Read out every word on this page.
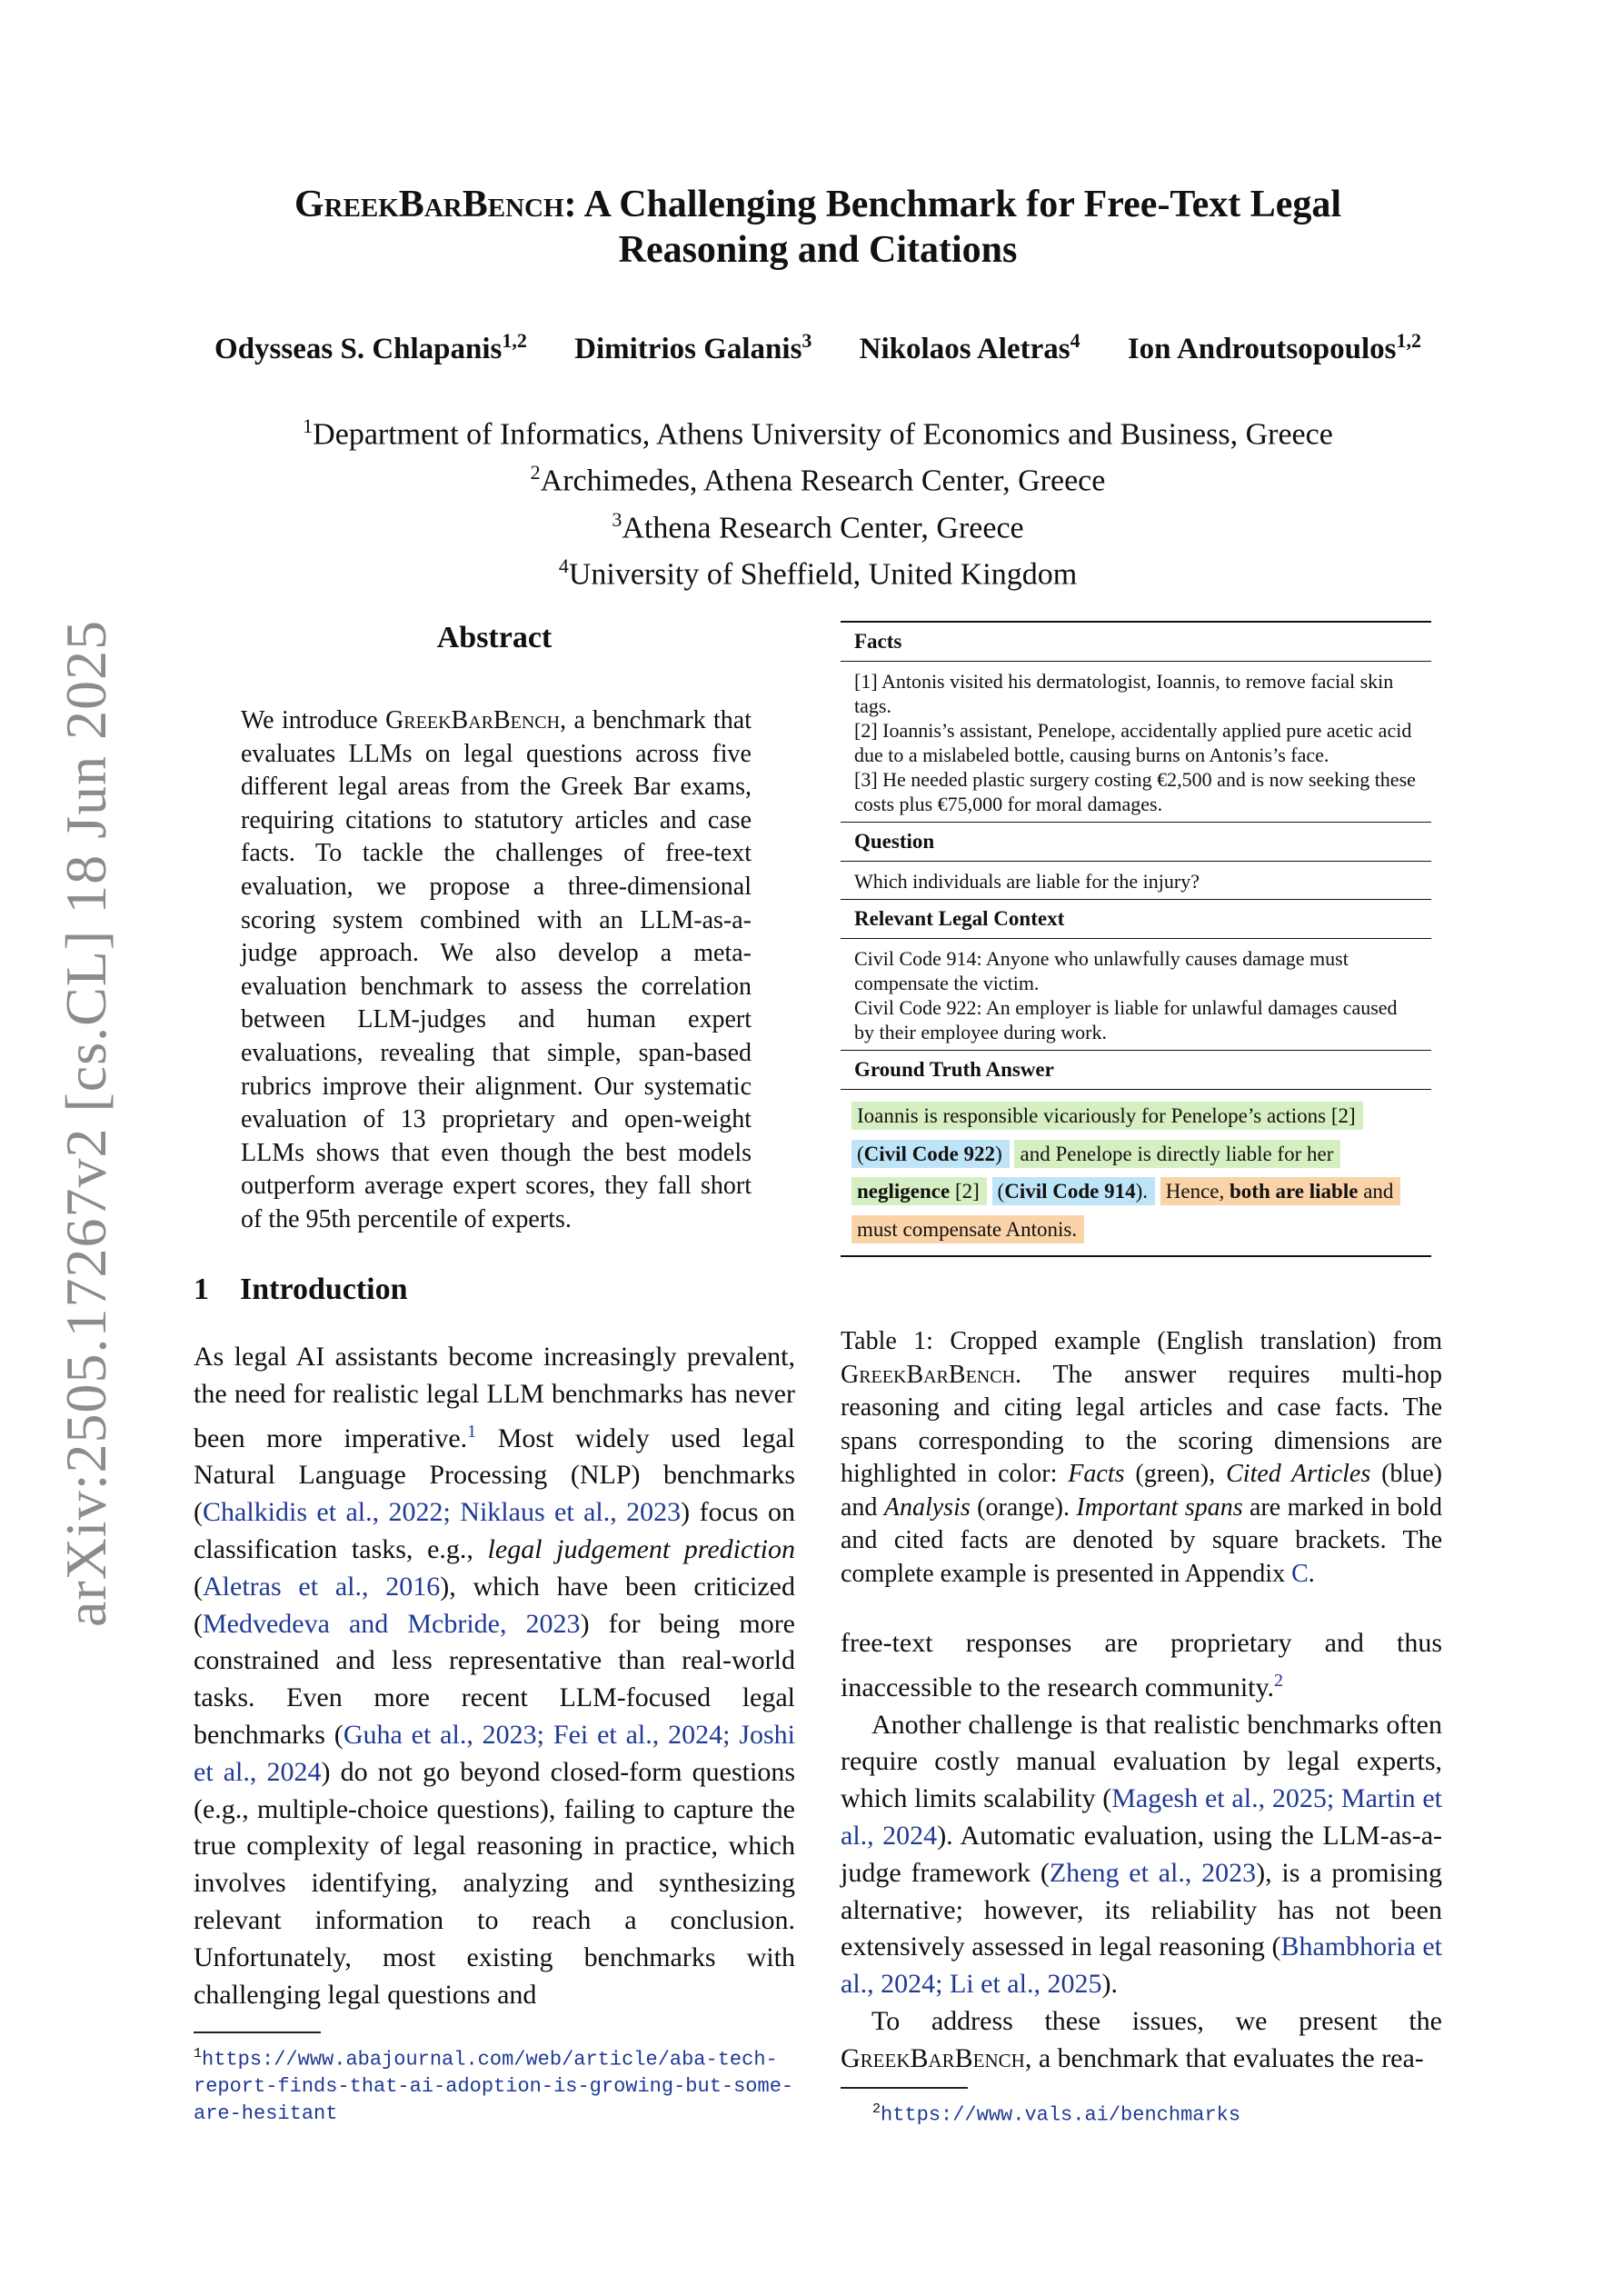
arXiv:2505.17267v2 [cs.CL] 18 Jun 2025
GreekBarBench: A Challenging Benchmark for Free-Text Legal
Reasoning and Citations
Odysseas S. Chlapanis$^{1,2}$ Dimitrios Galanis$^3$ Nikolaos Aletras$^4$ Ion Androutsopoulos$^{1,2}$
$^1$Department of Informatics, Athens University of Economics and Business, Greece
$^2$Archimedes, Athena Research Center, Greece
$^3$Athena Research Center, Greece
$^4$University of Sheffield, United Kingdom
Abstract
We introduce GreekBarBench, a benchmark that evaluates LLMs on legal questions across five different legal areas from the Greek Bar exams, requiring citations to statutory articles and case facts. To tackle the challenges of free-text evaluation, we propose a three-dimensional scoring system combined with an LLM-as-a-judge approach. We also develop a meta-evaluation benchmark to assess the correlation between LLM-judges and human expert evaluations, revealing that simple, span-based rubrics improve their alignment. Our systematic evaluation of 13 proprietary and open-weight LLMs shows that even though the best models outperform average expert scores, they fall short of the 95th percentile of experts.
1 Introduction
As legal AI assistants become increasingly prevalent, the need for realistic legal LLM benchmarks has never been more imperative.$^1$ Most widely used legal Natural Language Processing (NLP) benchmarks (Chalkidis et al., 2022; Niklaus et al., 2023) focus on classification tasks, e.g., legal judgement prediction (Aletras et al., 2016), which have been criticized (Medvedeva and Mcbride, 2023) for being more constrained and less representative than real-world tasks. Even more recent LLM-focused legal benchmarks (Guha et al., 2023; Fei et al., 2024; Joshi et al., 2024) do not go beyond closed-form questions (e.g., multiple-choice questions), failing to capture the true complexity of legal reasoning in practice, which involves identifying, analyzing and synthesizing relevant information to reach a conclusion. Unfortunately, most existing benchmarks with challenging legal questions and
$^1$https://www.abajournal.com/web/article/aba-tech-report-finds-that-ai-adoption-is-growing-but-some-are-hesitant
Facts
[1] Antonis visited his dermatologist, Ioannis, to remove facial skin tags.
[2] Ioannis’s assistant, Penelope, accidentally applied pure acetic acid due to a mislabeled bottle, causing burns on Antonis’s face.
[3] He needed plastic surgery costing €2,500 and is now seeking these costs plus €75,000 for moral damages.
Question
Which individuals are liable for the injury?
Relevant Legal Context
Civil Code 914: Anyone who unlawfully causes damage must compensate the victim.
Civil Code 922: An employer is liable for unlawful damages caused by their employee during work.
Ground Truth Answer
Ioannis is responsible vicariously for Penelope’s actions [2] (Civil Code 922) and Penelope is directly liable for her negligence [2] (Civil Code 914). Hence, both are liable and must compensate Antonis.
Table 1: Cropped example (English translation) from GreekBarBench. The answer requires multi-hop reasoning and citing legal articles and case facts. The spans corresponding to the scoring dimensions are highlighted in color: Facts (green), Cited Articles (blue) and Analysis (orange). Important spans are marked in bold and cited facts are denoted by square brackets. The complete example is presented in Appendix C.

free-text responses are proprietary and thus inaccessible to the research community.$^2$

Another challenge is that realistic benchmarks often require costly manual evaluation by legal experts, which limits scalability (Magesh et al., 2025; Martin et al., 2024). Automatic evaluation, using the LLM-as-a-judge framework (Zheng et al., 2023), is a promising alternative; however, its reliability has not been extensively assessed in legal reasoning (Bhambhoria et al., 2024; Li et al., 2025).

To address these issues, we present the GreekBarBench, a benchmark that evaluates the rea-

$^2$https://www.vals.ai/benchmarks
